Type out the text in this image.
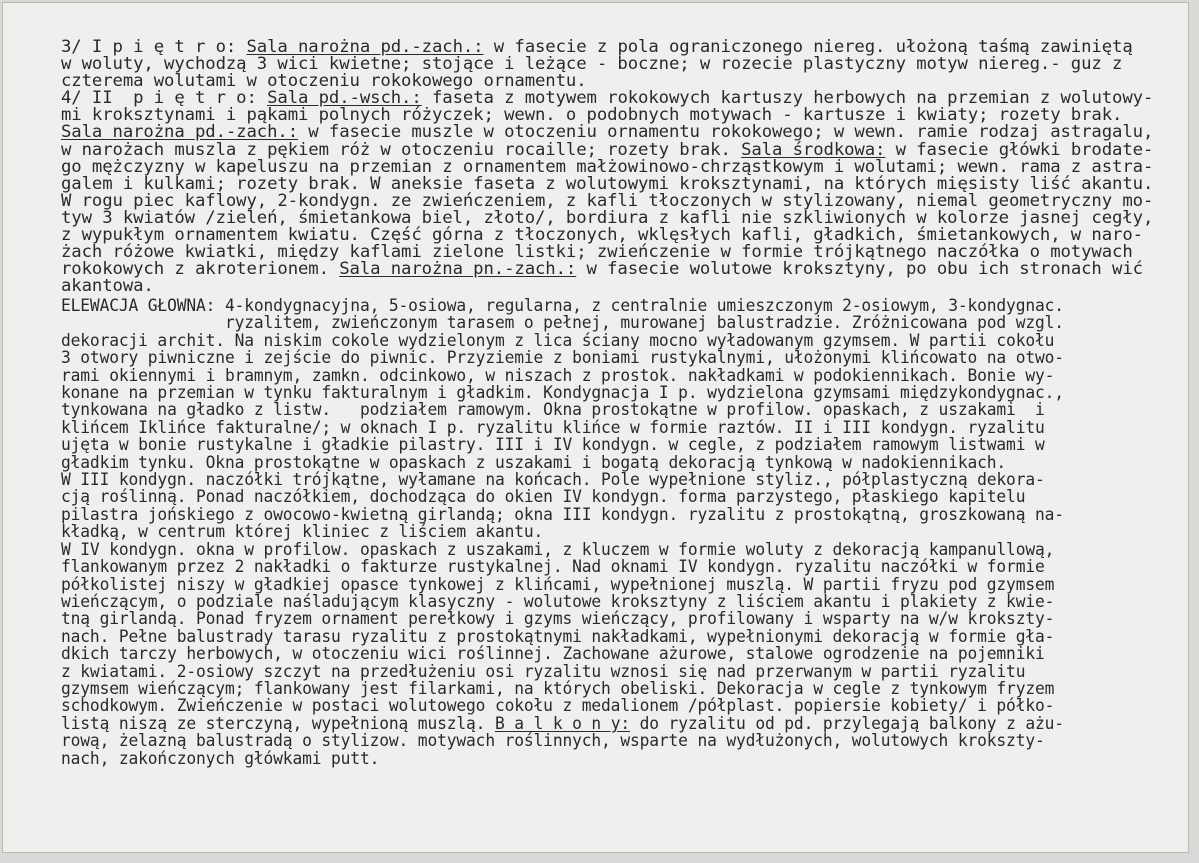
3/ I p i ę t r o: Sala narożna pd.-zach.: w fasecie z pola ograniczonego niereg. ułożoną taśmą zawiniętą
w woluty, wychodzą 3 wici kwietne; stojące i leżące - boczne; w rozecie plastyczny motyw niereg.- guz z
czterema wolutami w otoczeniu rokokowego ornamentu.
4/ II  p i ę t r o: Sala pd.-wsch.: faseta z motywem rokokowych kartuszy herbowych na przemian z wolutowy-
mi kroksztynami i pąkami polnych różyczek; wewn. o podobnych motywach - kartusze i kwiaty; rozety brak.
Sala narożna pd.-zach.: w fasecie muszle w otoczeniu ornamentu rokokowego; w wewn. ramie rodzaj astragalu,
w narożach muszla z pękiem róż w otoczeniu rocaille; rozety brak. Sala środkowa: w fasecie główki brodate-
go mężczyzny w kapeluszu na przemian z ornamentem małżowinowo-chrząstkowym i wolutami; wewn. rama z astra-
galem i kulkami; rozety brak. W aneksie faseta z wolutowymi kroksztynami, na których mięsisty liść akantu.
W rogu piec kaflowy, 2-kondygn. ze zwieńczeniem, z kafli tłoczonych w stylizowany, niemal geometryczny mo-
tyw 3 kwiatów /zieleń, śmietankowa biel, złoto/, bordiura z kafli nie szkliwionych w kolorze jasnej cegły,
z wypukłym ornamentem kwiatu. Część górna z tłoczonych, wklęsłych kafli, gładkich, śmietankowych, w naro-
żach różowe kwiatki, między kaflami zielone listki; zwieńczenie w formie trójkątnego naczółka o motywach
rokokowych z akroterionem. Sala narożna pn.-zach.: w fasecie wolutowe kroksztyny, po obu ich stronach wić
akantowa.
ELEWACJA GŁOWNA: 4-kondygnacyjna, 5-osiowa, regularna, z centralnie umieszczonym 2-osiowym, 3-kondygnac.
ryzalitem, zwieńczonym tarasem o pełnej, murowanej balustradzie. Zróżnicowana pod wzgl.
dekoracji archit. Na niskim cokole wydzielonym z lica ściany mocno wyładowanym gzymsem. W partii cokołu
3 otwory piwniczne i zejście do piwnic. Przyziemie z boniami rustykalnymi, ułożonymi klińcowato na otwo-
rami okiennymi i bramnym, zamkn. odcinkowo, w niszach z prostok. nakładkami w podokiennikach. Bonie wy-
konane na przemian w tynku fakturalnym i gładkim. Kondygnacja I p. wydzielona gzymsami międzykondygnac.,
tynkowana na gładko z listw.   podziałem ramowym. Okna prostokątne w profilow. opaskach, z uszakami  i
klińcem Iklińce fakturalne/; w oknach I p. ryzalitu klińce w formie raztów. II i III kondygn. ryzalitu
ujęta w bonie rustykalne i gładkie pilastry. III i IV kondygn. w cegle, z podziałem ramowym listwami w
gładkim tynku. Okna prostokątne w opaskach z uszakami i bogatą dekoracją tynkową w nadokiennikach.
W III kondygn. naczółki trójkątne, wyłamane na końcach. Pole wypełnione styliz., półplastyczną dekora-
cją roślinną. Ponad naczółkiem, dochodząca do okien IV kondygn. forma parzystego, płaskiego kapitelu
pilastra jońskiego z owocowo-kwietną girlandą; okna III kondygn. ryzalitu z prostokątną, groszkowaną na-
kładką, w centrum której kliniec z liściem akantu.
W IV kondygn. okna w profilow. opaskach z uszakami, z kluczem w formie woluty z dekoracją kampanullową,
flankowanym przez 2 nakładki o fakturze rustykalnej. Nad oknami IV kondygn. ryzalitu naczółki w formie
półkolistej niszy w gładkiej opasce tynkowej z klińcami, wypełnionej muszlą. W partii fryzu pod gzymsem
wieńczącym, o podziale naśladującym klasyczny - wolutowe kroksztyny z liściem akantu i plakiety z kwie-
tną girlandą. Ponad fryzem ornament perełkowy i gzyms wieńczący, profilowany i wsparty na w/w krokszty-
nach. Pełne balustrady tarasu ryzalitu z prostokątnymi nakładkami, wypełnionymi dekoracją w formie gła-
dkich tarczy herbowych, w otoczeniu wici roślinnej. Zachowane ażurowe, stalowe ogrodzenie na pojemniki
z kwiatami. 2-osiowy szczyt na przedłużeniu osi ryzalitu wznosi się nad przerwanym w partii ryzalitu
gzymsem wieńczącym; flankowany jest filarkami, na których obeliski. Dekoracja w cegle z tynkowym fryzem
schodkowym. Zwieńczenie w postaci wolutowego cokołu z medalionem /półplast. popiersie kobiety/ i półko-
listą niszą ze sterczyną, wypełnioną muszlą. B a l k o n y: do ryzalitu od pd. przylegają balkony z ażu-
rową, żelazną balustradą o stylizow. motywach roślinnych, wsparte na wydłużonych, wolutowych krokszty-
nach, zakończonych główkami putt.
